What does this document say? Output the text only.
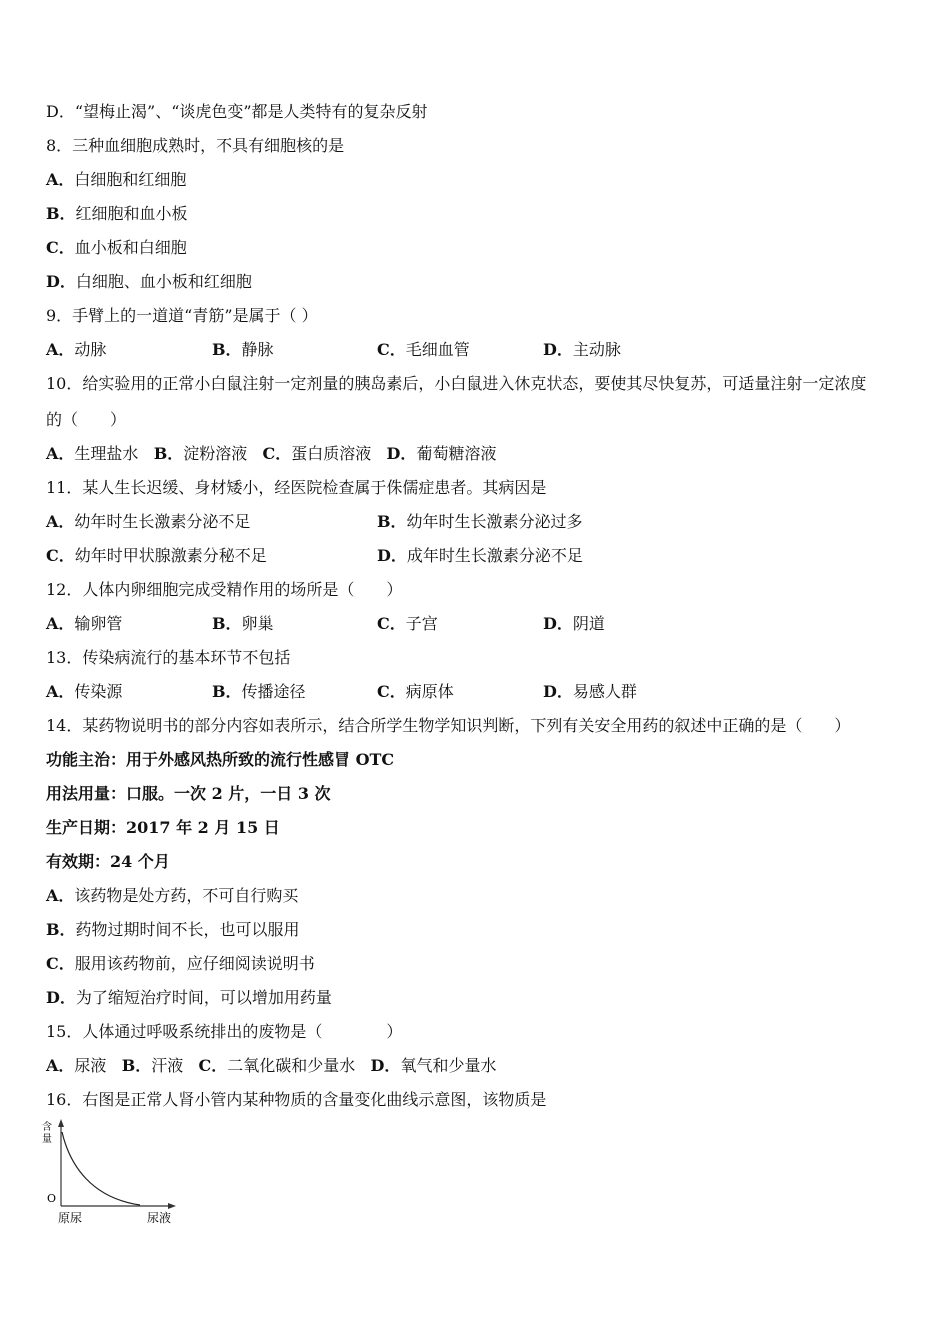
D．“望梅止渴”、“谈虎色变”都是人类特有的复杂反射
8．三种血细胞成熟时，不具有细胞核的是
A．白细胞和红细胞
B．红细胞和血小板
C．血小板和白细胞
D．白细胞、血小板和红细胞
9．手臂上的一道道“青筋”是属于（ ）
A．动脉	B．静脉	C．毛细血管	D．主动脉
10．给实验用的正常小白鼠注射一定剂量的胰岛素后，小白鼠进入休克状态，要使其尽快复苏，可适量注射一定浓度
的（　　）
A．生理盐水 B．淀粉溶液 C．蛋白质溶液 D．葡萄糖溶液
11．某人生长迟缓、身材矮小，经医院检查属于侏儒症患者。其病因是
A．幼年时生长激素分泌不足	B．幼年时生长激素分泌过多
C．幼年时甲状腺激素分秘不足	D．成年时生长激素分泌不足
12．人体内卵细胞完成受精作用的场所是（　　）
A．输卵管	B．卵巢	C．子宫	D．阴道
13．传染病流行的基本环节不包括
A．传染源	B．传播途径	C．病原体	D．易感人群
14．某药物说明书的部分内容如表所示，结合所学生物学知识判断，下列有关安全用药的叙述中正确的是（　　）
功能主治：用于外感风热所致的流行性感冒 OTC
用法用量：口服。一次 2 片，一日 3 次
生产日期：2017 年 2 月 15 日
有效期：24 个月
A．该药物是处方药，不可自行购买
B．药物过期时间不长，也可以服用
C．服用该药物前，应仔细阅读说明书
D．为了缩短治疗时间，可以增加用药量
15．人体通过呼吸系统排出的废物是（　　　　）
A．尿液 B．汗液 C．二氧化碳和少量水 D．氧气和少量水
16．右图是正常人肾小管内某种物质的含量变化曲线示意图，该物质是
含
量
O
原尿	尿液
